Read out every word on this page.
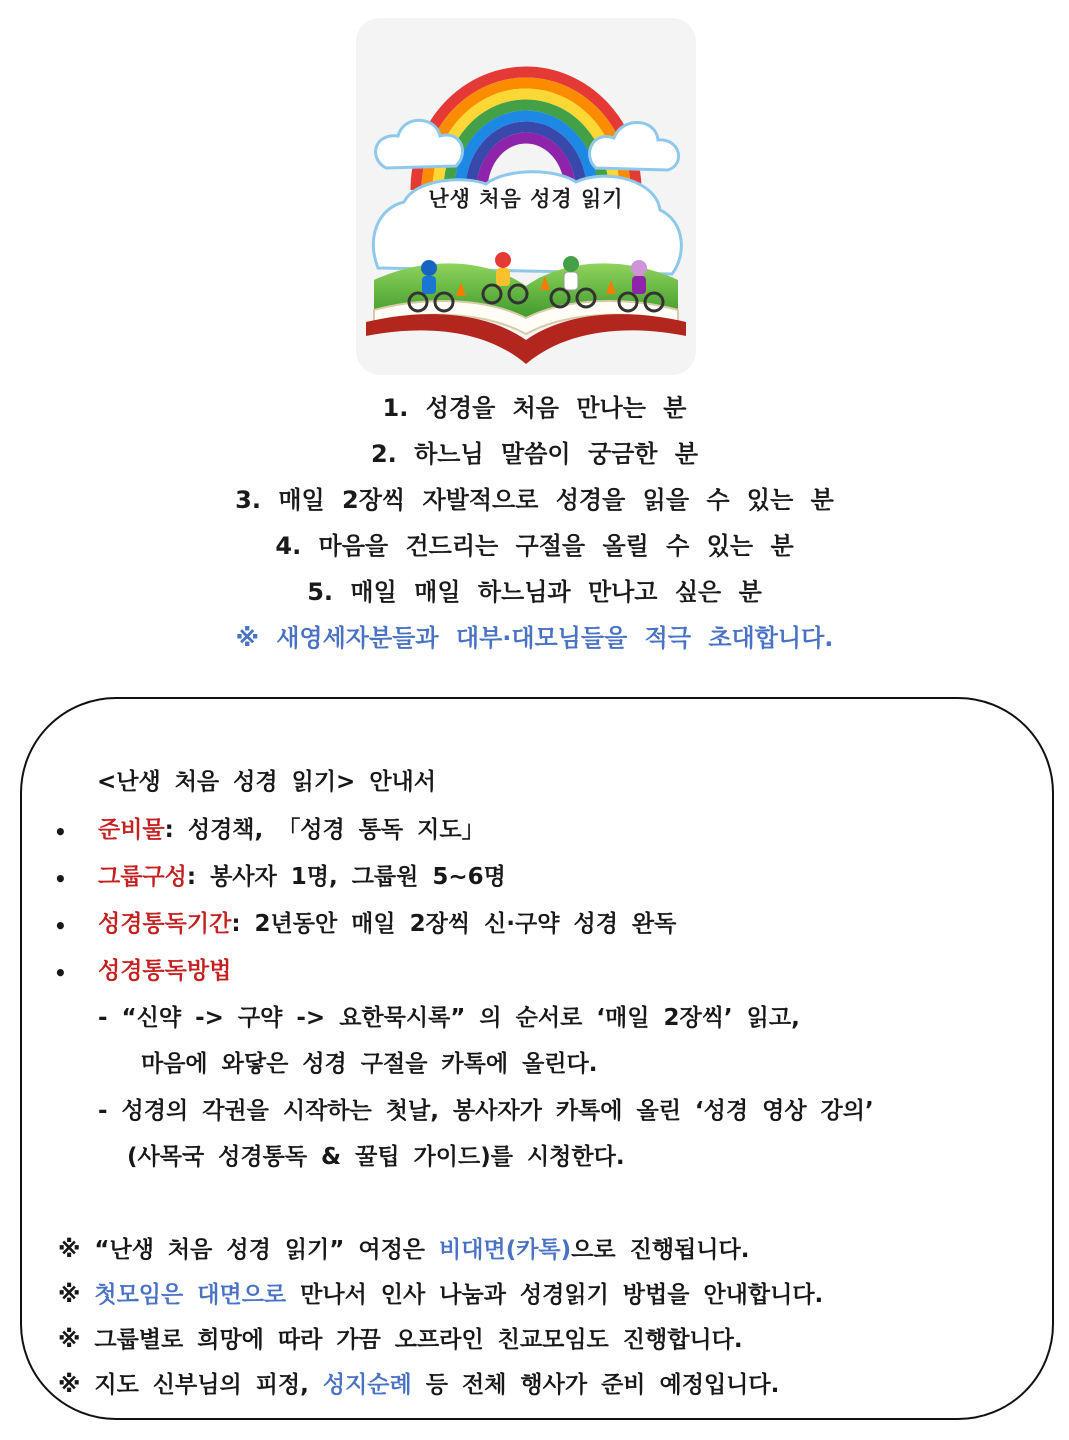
난생 처음 성경 읽기
1. 성경을 처음 만나는 분
2. 하느님 말씀이 궁금한 분
3. 매일 2장씩 자발적으로 성경을 읽을 수 있는 분
4. 마음을 건드리는 구절을 올릴 수 있는 분
5. 매일 매일 하느님과 만나고 싶은 분
※ 새영세자분들과 대부·대모님들을 적극 초대합니다.
<난생 처음 성경 읽기> 안내서
• 준비물: 성경책, 「성경 통독 지도」
• 그룹구성: 봉사자 1명, 그룹원 5~6명
• 성경통독기간: 2년동안 매일 2장씩 신·구약 성경 완독
• 성경통독방법
- “신약 -> 구약 -> 요한묵시록” 의 순서로 ‘매일 2장씩’ 읽고,
마음에 와닿은 성경 구절을 카톡에 올린다.
- 성경의 각권을 시작하는 첫날, 봉사자가 카톡에 올린 ‘성경 영상 강의’
(사목국 성경통독 & 꿀팁 가이드)를 시청한다.
※ “난생 처음 성경 읽기” 여정은 비대면(카톡)으로 진행됩니다.
※ 첫모임은 대면으로 만나서 인사 나눔과 성경읽기 방법을 안내합니다.
※ 그룹별로 희망에 따라 가끔 오프라인 친교모임도 진행합니다.
※ 지도 신부님의 피정, 성지순례 등 전체 행사가 준비 예정입니다.
